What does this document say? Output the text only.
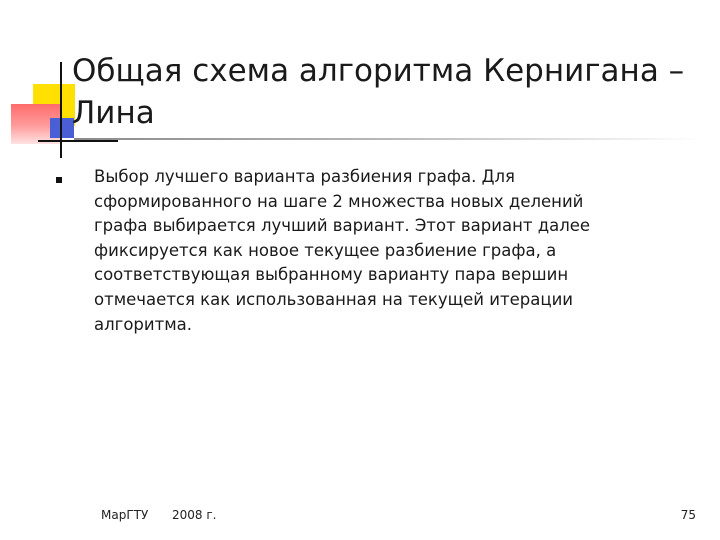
Общая схема алгоритма Кернигана – Лина

Выбор лучшего варианта разбиения графа. Для сформированного на шаге 2 множества новых делений графа выбирается лучший вариант. Этот вариант далее фиксируется как новое текущее разбиение графа, а соответствующая выбранному варианту пара вершин отмечается как использованная на текущей итерации алгоритма.

МарГТУ 2008 г.	75
